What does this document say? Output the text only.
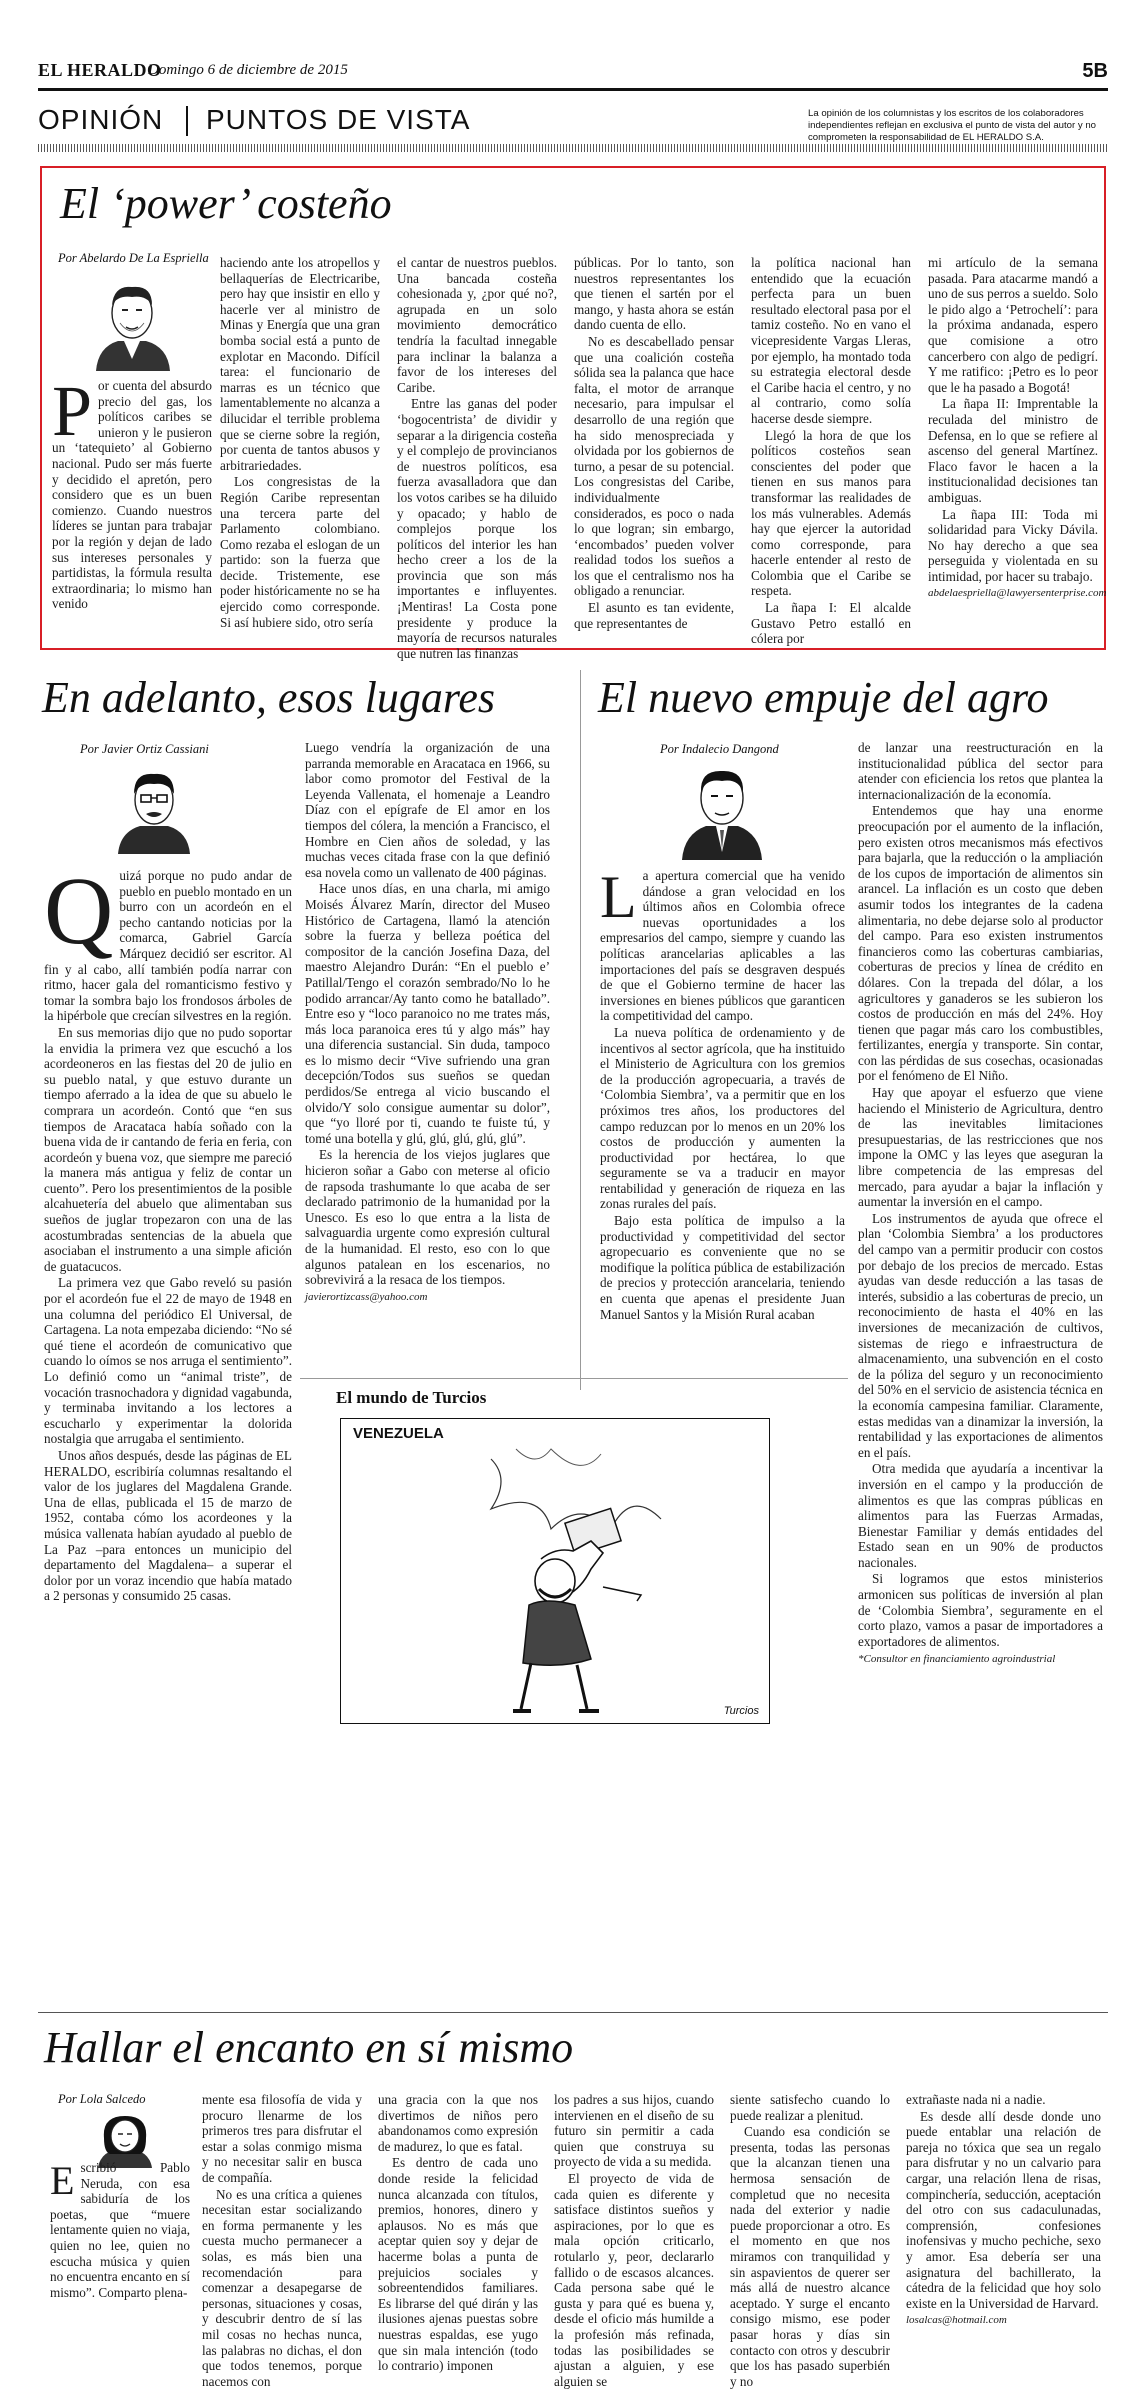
EL HERALDO
Domingo 6 de diciembre de 2015	5B
OPINIÓN PUNTOS DE VISTA	La opinión de los columnistas y los escritos de los colaboradores independientes reflejan en exclusiva el punto de vista del autor y no comprometen la responsabilidad de EL HERALDO S.A.
El ‘power’ costeño
Por Abelardo De La Espriella

Por cuenta del absurdo precio del gas, los políticos caribes se unieron y le pusieron un ‘tatequieto’ al Gobierno nacional. Pudo ser más fuerte y decidido el apretón, pero considero que es un buen comienzo. Cuando nuestros líderes se juntan para trabajar por la región y dejan de lado sus intereses personales y partidistas, la fórmula resulta extraordinaria; lo mismo han venido

haciendo ante los atropellos y bellaquerías de Electricaribe, pero hay que insistir en ello y hacerle ver al ministro de Minas y Energía que una gran bomba social está a punto de explotar en Macondo. Difícil tarea: el funcionario de marras es un técnico que lamentablemente no alcanza a dilucidar el terrible problema que se cierne sobre la región, por cuenta de tantos abusos y arbitrariedades.

Los congresistas de la Región Caribe representan una tercera parte del Parlamento colombiano. Como rezaba el eslogan de un partido: son la fuerza que decide. Tristemente, ese poder históricamente no se ha ejercido como corresponde. Si así hubiere sido, otro sería

el cantar de nuestros pueblos. Una bancada costeña cohesionada y, ¿por qué no?, agrupada en un solo movimiento democrático tendría la facultad innegable para inclinar la balanza a favor de los intereses del Caribe.

Entre las ganas del poder ‘bogocentrista’ de dividir y separar a la dirigencia costeña y el complejo de provincianos de nuestros políticos, esa fuerza avasalladora que dan los votos caribes se ha diluido y opacado; y hablo de complejos porque los políticos del interior les han hecho creer a los de la provincia que son más importantes e influyentes. ¡Mentiras! La Costa pone presidente y produce la mayoría de recursos naturales que nutren las finanzas

públicas. Por lo tanto, son nuestros representantes los que tienen el sartén por el mango, y hasta ahora se están dando cuenta de ello.

No es descabellado pensar que una coalición costeña sólida sea la palanca que hace falta, el motor de arranque necesario, para impulsar el desarrollo de una región que ha sido menospreciada y olvidada por los gobiernos de turno, a pesar de su potencial. Los congresistas del Caribe, individualmente considerados, es poco o nada lo que logran; sin embargo, ‘encombados’ pueden volver realidad todos los sueños a los que el centralismo nos ha obligado a renunciar.

El asunto es tan evidente, que representantes de

la política nacional han entendido que la ecuación perfecta para un buen resultado electoral pasa por el tamiz costeño. No en vano el vicepresidente Vargas Lleras, por ejemplo, ha montado toda su estrategia electoral desde el Caribe hacia el centro, y no al contrario, como solía hacerse desde siempre.

Llegó la hora de que los políticos costeños sean conscientes del poder que tienen en sus manos para transformar las realidades de los más vulnerables. Además hay que ejercer la autoridad como corresponde, para hacerle entender al resto de Colombia que el Caribe se respeta.

La ñapa I: El alcalde Gustavo Petro estalló en cólera por

mi artículo de la semana pasada. Para atacarme mandó a uno de sus perros a sueldo. Solo le pido algo a ‘Petrochelí’: para la próxima andanada, espero que comisione a otro cancerbero con algo de pedigrí. Y me ratifico: ¡Petro es lo peor que le ha pasado a Bogotá!

La ñapa II: Imprentable la reculada del ministro de Defensa, en lo que se refiere al ascenso del general Martínez. Flaco favor le hacen a la institucionalidad decisiones tan ambiguas.

La ñapa III: Toda mi solidaridad para Vicky Dávila. No hay derecho a que sea perseguida y violentada en su intimidad, por hacer su trabajo.

abdelaespriella@lawyersenterprise.com
En adelanto, esos lugares
Por Javier Ortiz Cassiani

Quizá porque no pudo andar de pueblo en pueblo montado en un burro con un acordeón en el pecho cantando noticias por la comarca, Gabriel García Márquez decidió ser escritor. Al fin y al cabo, allí también podía narrar con ritmo, hacer gala del romanticismo festivo y tomar la sombra bajo los frondosos árboles de la hipérbole que crecían silvestres en la región.

En sus memorias dijo que no pudo soportar la envidia la primera vez que escuchó a los acordeoneros en las fiestas del 20 de julio en su pueblo natal, y que estuvo durante un tiempo aferrado a la idea de que su abuelo le comprara un acordeón. Contó que “en sus tiempos de Aracataca había soñado con la buena vida de ir cantando de feria en feria, con acordeón y buena voz, que siempre me pareció la manera más antigua y feliz de contar un cuento”. Pero los presentimientos de la posible alcahuetería del abuelo que alimentaban sus sueños de juglar tropezaron con una de las acostumbradas sentencias de la abuela que asociaban el instrumento a una simple afición de guatacucos.

La primera vez que Gabo reveló su pasión por el acordeón fue el 22 de mayo de 1948 en una columna del periódico El Universal, de Cartagena. La nota empezaba diciendo: “No sé qué tiene el acordeón de comunicativo que cuando lo oímos se nos arruga el sentimiento”. Lo definió como un “animal triste”, de vocación trasnochadora y dignidad vagabunda, y terminaba invitando a los lectores a escucharlo y experimentar la dolorida nostalgia que arrugaba el sentimiento.

Unos años después, desde las páginas de EL HERALDO, escribiría columnas resaltando el valor de los juglares del Magdalena Grande. Una de ellas, publicada el 15 de marzo de 1952, contaba cómo los acordeones y la música vallenata habían ayudado al pueblo de La Paz –para entonces un municipio del departamento del Magdalena– a superar el dolor por un voraz incendio que había matado a 2 personas y consumido 25 casas.

Luego vendría la organización de una parranda memorable en Aracataca en 1966, su labor como promotor del Festival de la Leyenda Vallenata, el homenaje a Leandro Díaz con el epígrafe de El amor en los tiempos del cólera, la mención a Francisco, el Hombre en Cien años de soledad, y las muchas veces citada frase con la que definió esa novela como un vallenato de 400 páginas.

Hace unos días, en una charla, mi amigo Moisés Álvarez Marín, director del Museo Histórico de Cartagena, llamó la atención sobre la fuerza y belleza poética del compositor de la canción Josefina Daza, del maestro Alejandro Durán: “En el pueblo e’ Patillal/Tengo el corazón sembrado/No lo he podido arrancar/Ay tanto como he batallado”. Entre eso y “loco paranoico no me trates más, más loca paranoica eres tú y algo más” hay una diferencia sustancial. Sin duda, tampoco es lo mismo decir “Vive sufriendo una gran decepción/Todos sus sueños se quedan perdidos/Se entrega al vicio buscando el olvido/Y solo consigue aumentar su dolor”, que “yo lloré por ti, cuando te fuiste tú, y tomé una botella y glú, glú, glú, glú, glú”.

Es la herencia de los viejos juglares que hicieron soñar a Gabo con meterse al oficio de rapsoda trashumante lo que acaba de ser declarado patrimonio de la humanidad por la Unesco. Es eso lo que entra a la lista de salvaguardia urgente como expresión cultural de la humanidad. El resto, eso con lo que algunos patalean en los escenarios, no sobrevivirá a la resaca de los tiempos.

javierortizcass@yahoo.com
El nuevo empuje del agro
Por Indalecio Dangond

La apertura comercial que ha venido dándose a gran velocidad en los últimos años en Colombia ofrece nuevas oportunidades a los empresarios del campo, siempre y cuando las políticas arancelarias aplicables a las importaciones del país se desgraven después de que el Gobierno termine de hacer las inversiones en bienes públicos que garanticen la competitividad del campo.

La nueva política de ordenamiento y de incentivos al sector agrícola, que ha instituido el Ministerio de Agricultura con los gremios de la producción agropecuaria, a través de ‘Colombia Siembra’, va a permitir que en los próximos tres años, los productores del campo reduzcan por lo menos en un 20% los costos de producción y aumenten la productividad por hectárea, lo que seguramente se va a traducir en mayor rentabilidad y generación de riqueza en las zonas rurales del país.

Bajo esta política de impulso a la productividad y competitividad del sector agropecuario es conveniente que no se modifique la política pública de estabilización de precios y protección arancelaria, teniendo en cuenta que apenas el presidente Juan Manuel Santos y la Misión Rural acaban

de lanzar una reestructuración en la institucionalidad pública del sector para atender con eficiencia los retos que plantea la internacionalización de la economía.

Entendemos que hay una enorme preocupación por el aumento de la inflación, pero existen otros mecanismos más efectivos para bajarla, que la reducción o la ampliación de los cupos de importación de alimentos sin arancel. La inflación es un costo que deben asumir todos los integrantes de la cadena alimentaria, no debe dejarse solo al productor del campo. Para eso existen instrumentos financieros como las coberturas cambiarias, coberturas de precios y línea de crédito en dólares. Con la trepada del dólar, a los agricultores y ganaderos se les subieron los costos de producción en más del 24%. Hoy tienen que pagar más caro los combustibles, fertilizantes, energía y transporte. Sin contar, con las pérdidas de sus cosechas, ocasionadas por el fenómeno de El Niño.

Hay que apoyar el esfuerzo que viene haciendo el Ministerio de Agricultura, dentro de las inevitables limitaciones presupuestarias, de las restricciones que nos impone la OMC y las leyes que aseguran la libre competencia de las empresas del mercado, para ayudar a bajar la inflación y aumentar la inversión en el campo.

Los instrumentos de ayuda que ofrece el plan ‘Colombia Siembra’ a los productores del campo van a permitir producir con costos por debajo de los precios de mercado. Estas ayudas van desde reducción a las tasas de interés, subsidio a las coberturas de precio, un reconocimiento de hasta el 40% en las inversiones de mecanización de cultivos, sistemas de riego e infraestructura de almacenamiento, una subvención en el costo de la póliza del seguro y un reconocimiento del 50% en el servicio de asistencia técnica en la economía campesina familiar. Claramente, estas medidas van a dinamizar la inversión, la rentabilidad y las exportaciones de alimentos en el país.

Otra medida que ayudaría a incentivar la inversión en el campo y la producción de alimentos es que las compras públicas en alimentos para las Fuerzas Armadas, Bienestar Familiar y demás entidades del Estado sean en un 90% de productos nacionales.

Si logramos que estos ministerios armonicen sus políticas de inversión al plan de ‘Colombia Siembra’, seguramente en el corto plazo, vamos a pasar de importadores a exportadores de alimentos.

*Consultor en financiamiento agroindustrial
El mundo de Turcios
VENEZUELA
Turcios
Hallar el encanto en sí mismo
Por Lola Salcedo

Escribió Pablo Neruda, con esa sabiduría de los poetas, que “muere lentamente quien no viaja, quien no lee, quien no escucha música y quien no encuentra encanto en sí mismo”. Comparto plena-

mente esa filosofía de vida y procuro llenarme de los primeros tres para disfrutar el estar a solas conmigo misma y no necesitar salir en busca de compañía.

No es una crítica a quienes necesitan estar socializando en forma permanente y les cuesta mucho permanecer a solas, es más bien una recomendación para comenzar a desapegarse de personas, situaciones y cosas, y descubrir dentro de sí las mil cosas no hechas nunca, las palabras no dichas, el don que todos tenemos, porque nacemos con

una gracia con la que nos divertimos de niños pero abandonamos como expresión de madurez, lo que es fatal.

Es dentro de cada uno donde reside la felicidad nunca alcanzada con títulos, premios, honores, dinero y aplausos. No es más que aceptar quien soy y dejar de hacerme bolas a punta de prejuicios sociales y sobreentendidos familiares. Es librarse del qué dirán y las ilusiones ajenas puestas sobre nuestras espaldas, ese yugo que sin mala intención (todo lo contrario) imponen

los padres a sus hijos, cuando intervienen en el diseño de su futuro sin permitir a cada quien que construya su proyecto de vida a su medida.

El proyecto de vida de cada quien es diferente y satisface distintos sueños y aspiraciones, por lo que es mala opción criticarlo, rotularlo y, peor, declararlo fallido o de escasos alcances. Cada persona sabe qué le gusta y para qué es buena y, desde el oficio más humilde a la profesión más refinada, todas las posibilidades se ajustan a alguien, y ese alguien se

siente satisfecho cuando lo puede realizar a plenitud.

Cuando esa condición se presenta, todas las personas que la alcanzan tienen una hermosa sensación de completud que no necesita nada del exterior y nadie puede proporcionar a otro. Es el momento en que nos miramos con tranquilidad y sin aspavientos de querer ser más allá de nuestro alcance aceptado. Y surge el encanto consigo mismo, ese poder pasar horas y días sin contacto con otros y descubrir que los has pasado superbién y no

extrañaste nada ni a nadie.

Es desde allí desde donde uno puede entablar una relación de pareja no tóxica que sea un regalo para disfrutar y no un calvario para cargar, una relación llena de risas, compinchería, seducción, aceptación del otro con sus cadaculunadas, comprensión, confesiones inofensivas y mucho pechiche, sexo y amor. Esa debería ser una asignatura del bachillerato, la cátedra de la felicidad que hoy solo existe en la Universidad de Harvard.

losalcas@hotmail.com
